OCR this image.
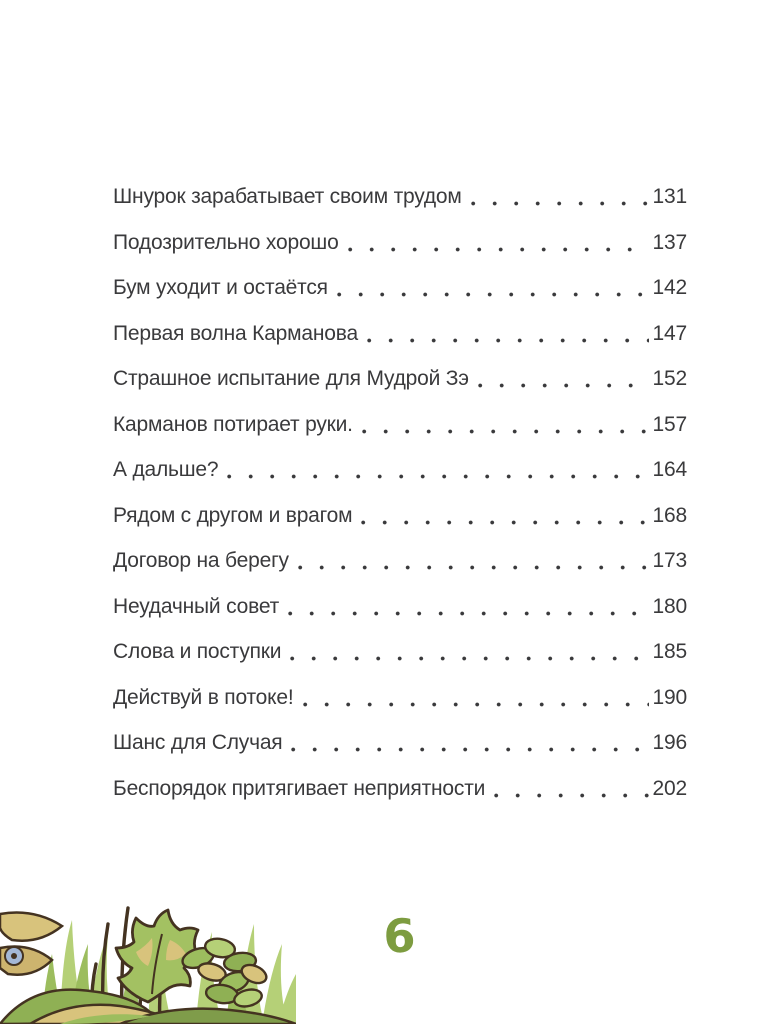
Шнурок зарабатывает своим трудом	131
Подозрительно хорошо	137
Бум уходит и остаётся	142
Первая волна Карманова	147
Страшное испытание для Мудрой Зэ	152
Карманов потирает руки.	157
А дальше?	164
Рядом с другом и врагом	168
Договор на берегу	173
Неудачный совет	180
Слова и поступки	185
Действуй в потоке!	190
Шанс для Случая	196
Беспорядок притягивает неприятности	202
6
